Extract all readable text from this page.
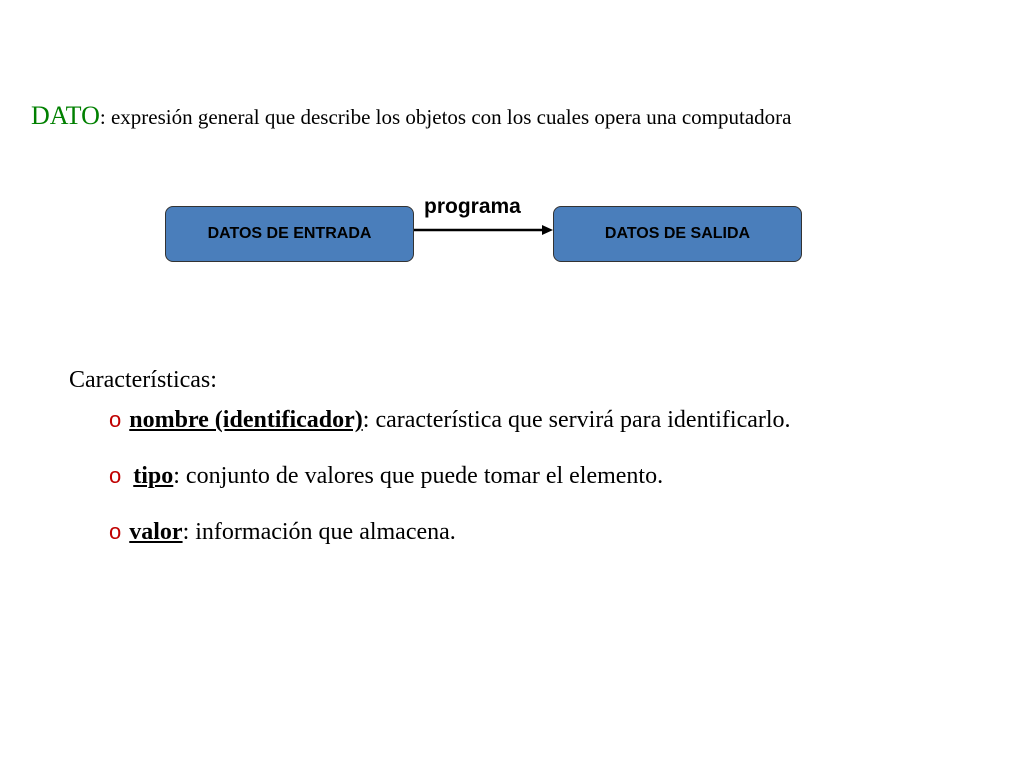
DATO: expresión general que describe los objetos con los cuales opera una computadora
DATOS DE ENTRADA
programa
DATOS DE SALIDA
Características:
o nombre (identificador): característica que servirá para identificarlo.
o tipo: conjunto de valores que puede tomar el elemento.
o valor: información que almacena.
